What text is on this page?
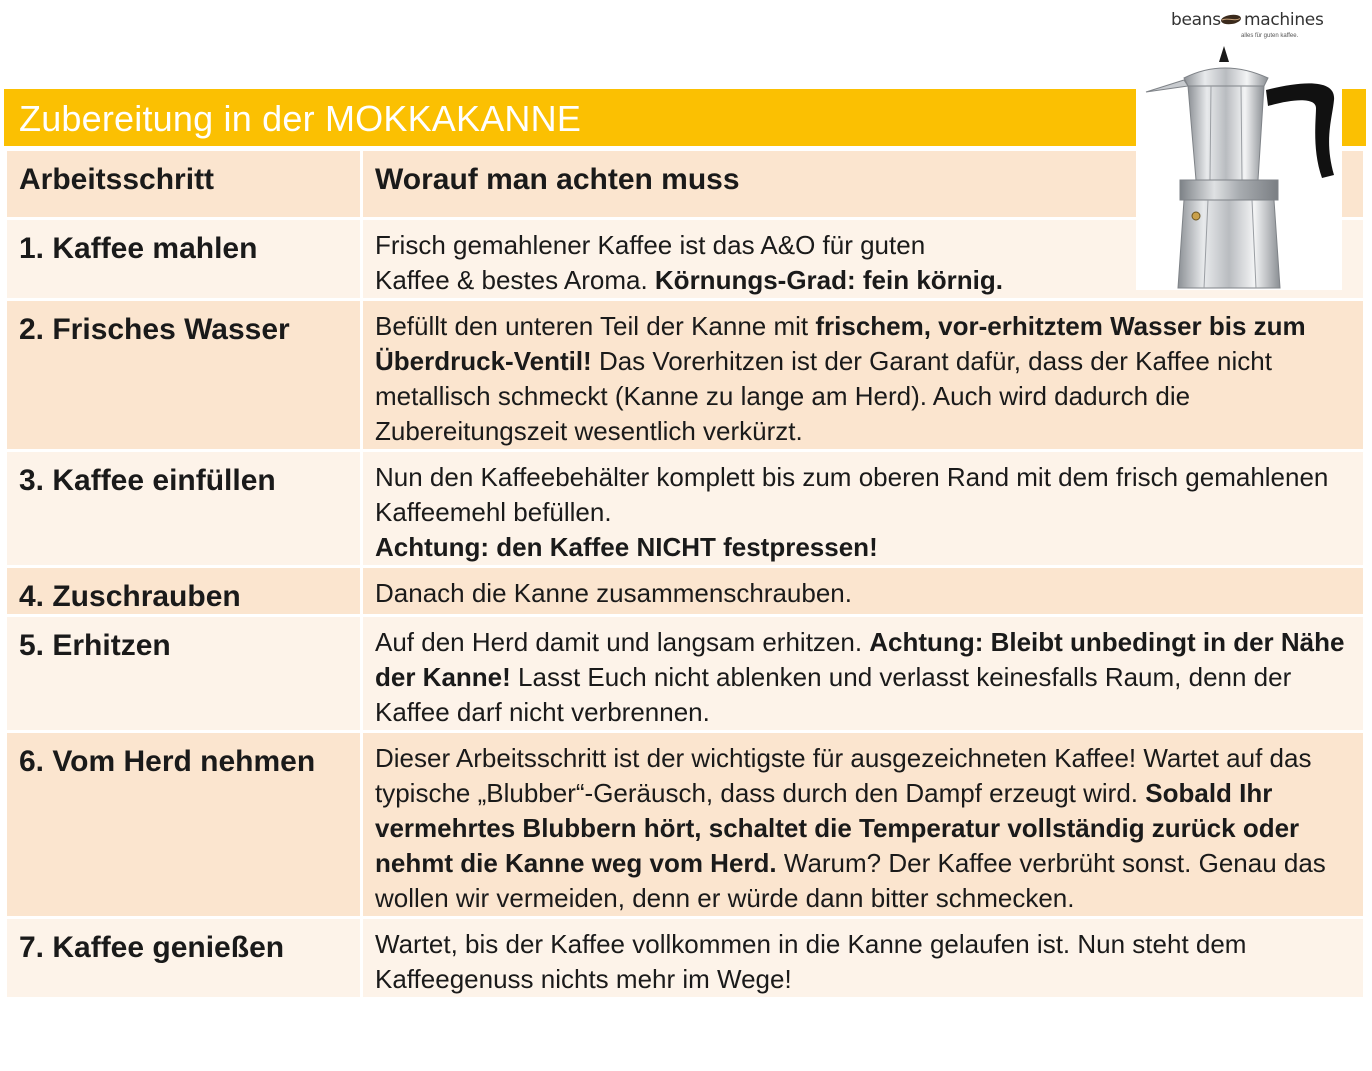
beans machines
alles für guten kaffee.
Zubereitung in der MOKKAKANNE
Arbeitsschritt	Worauf man achten muss
1. Kaffee mahlen	Frisch gemahlener Kaffee ist das A&O für guten
Kaffee & bestes Aroma. Körnungs-Grad: fein körnig.
2. Frisches Wasser	Befüllt den unteren Teil der Kanne mit frischem, vor-erhitztem Wasser bis zum Überdruck-Ventil! Das Vorerhitzen ist der Garant dafür, dass der Kaffee nicht metallisch schmeckt (Kanne zu lange am Herd). Auch wird dadurch die Zubereitungszeit wesentlich verkürzt.
3. Kaffee einfüllen	Nun den Kaffeebehälter komplett bis zum oberen Rand mit dem frisch gemahlenen Kaffeemehl befüllen.
Achtung: den Kaffee NICHT festpressen!
4. Zuschrauben	Danach die Kanne zusammenschrauben.
5. Erhitzen	Auf den Herd damit und langsam erhitzen. Achtung: Bleibt unbedingt in der Nähe der Kanne! Lasst Euch nicht ablenken und verlasst keinesfalls Raum, denn der Kaffee darf nicht verbrennen.
6. Vom Herd nehmen	Dieser Arbeitsschritt ist der wichtigste für ausgezeichneten Kaffee! Wartet auf das typische „Blubber“-Geräusch, dass durch den Dampf erzeugt wird. Sobald Ihr vermehrtes Blubbern hört, schaltet die Temperatur vollständig zurück oder nehmt die Kanne weg vom Herd. Warum? Der Kaffee verbrüht sonst. Genau das wollen wir vermeiden, denn er würde dann bitter schmecken.
7. Kaffee genießen	Wartet, bis der Kaffee vollkommen in die Kanne gelaufen ist. Nun steht dem Kaffeegenuss nichts mehr im Wege!
